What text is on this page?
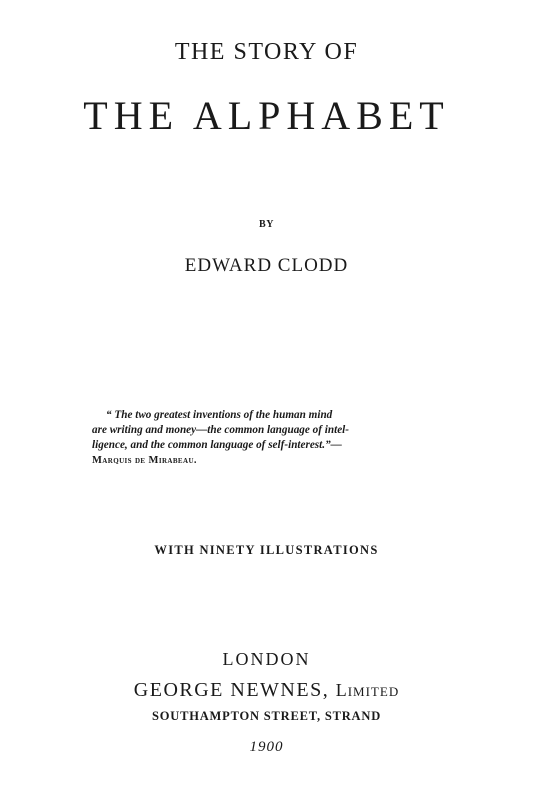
THE STORY OF
THE ALPHABET
BY
EDWARD CLODD
“ The two greatest inventions of the human mind
are writing and money—the common language of intel-
ligence, and the common language of self-interest.”—
Marquis de Mirabeau.
WITH NINETY ILLUSTRATIONS
LONDON
GEORGE NEWNES, Limited
SOUTHAMPTON STREET, STRAND
1900
